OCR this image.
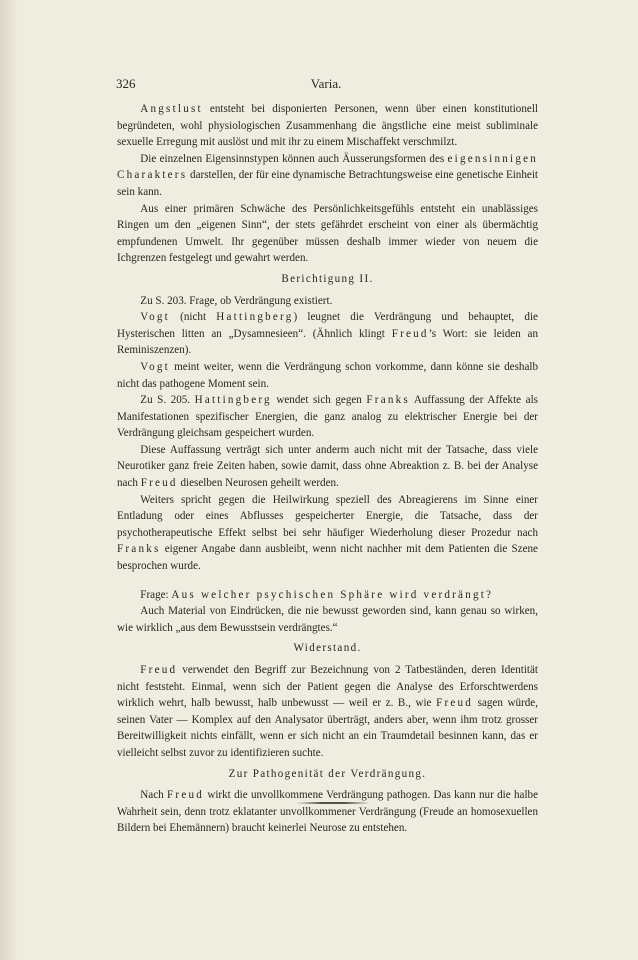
326	Varia.

Angstlust entsteht bei disponierten Personen, wenn über einen konstitutionell begründeten, wohl physiologischen Zusammenhang die ängstliche eine meist subliminale sexuelle Erregung mit auslöst und mit ihr zu einem Mischaffekt verschmilzt.

Die einzelnen Eigensinnstypen können auch Äusserungsformen des eigensinnigen Charakters darstellen, der für eine dynamische Betrachtungsweise eine genetische Einheit sein kann.

Aus einer primären Schwäche des Persönlichkeitsgefühls entsteht ein unablässiges Ringen um den „eigenen Sinn“, der stets gefährdet erscheint von einer als übermächtig empfundenen Umwelt. Ihr gegenüber müssen deshalb immer wieder von neuem die Ichgrenzen festgelegt und gewahrt werden.

Berichtigung II.

Zu S. 203. Frage, ob Verdrängung existiert.

Vogt (nicht Hattingberg) leugnet die Verdrängung und behauptet, die Hysterischen litten an „Dysamnesieen“. (Ähnlich klingt Freud’s Wort: sie leiden an Reminiszenzen).

Vogt meint weiter, wenn die Verdrängung schon vorkomme, dann könne sie deshalb nicht das pathogene Moment sein.

Zu S. 205. Hattingberg wendet sich gegen Franks Auffassung der Affekte als Manifestationen spezifischer Energien, die ganz analog zu elektrischer Energie bei der Verdrängung gleichsam gespeichert wurden.

Diese Auffassung verträgt sich unter anderm auch nicht mit der Tatsache, dass viele Neurotiker ganz freie Zeiten haben, sowie damit, dass ohne Abreaktion z. B. bei der Analyse nach Freud dieselben Neurosen geheilt werden.

Weiters spricht gegen die Heilwirkung speziell des Abreagierens im Sinne einer Entladung oder eines Abflusses gespeicherter Energie, die Tatsache, dass der psychotherapeutische Effekt selbst bei sehr häufiger Wiederholung dieser Prozedur nach Franks eigener Angabe dann ausbleibt, wenn nicht nachher mit dem Patienten die Szene besprochen wurde.

Frage: Aus welcher psychischen Sphäre wird verdrängt?

Auch Material von Eindrücken, die nie bewusst geworden sind, kann genau so wirken, wie wirklich „aus dem Bewusstsein verdrängtes.“

Widerstand.

Freud verwendet den Begriff zur Bezeichnung von 2 Tatbeständen, deren Identität nicht feststeht. Einmal, wenn sich der Patient gegen die Analyse des Erforschtwerdens wirklich wehrt, halb bewusst, halb unbewusst — weil er z. B., wie Freud sagen würde, seinen Vater — Komplex auf den Analysator überträgt, anders aber, wenn ihm trotz grosser Bereitwilligkeit nichts einfällt, wenn er sich nicht an ein Traumdetail besinnen kann, das er vielleicht selbst zuvor zu identifizieren suchte.

Zur Pathogenität der Verdrängung.

Nach Freud wirkt die unvollkommene Verdrängung pathogen. Das kann nur die halbe Wahrheit sein, denn trotz eklatanter unvollkommener Verdrängung (Freude an homosexuellen Bildern bei Ehemännern) braucht keinerlei Neurose zu entstehen.
